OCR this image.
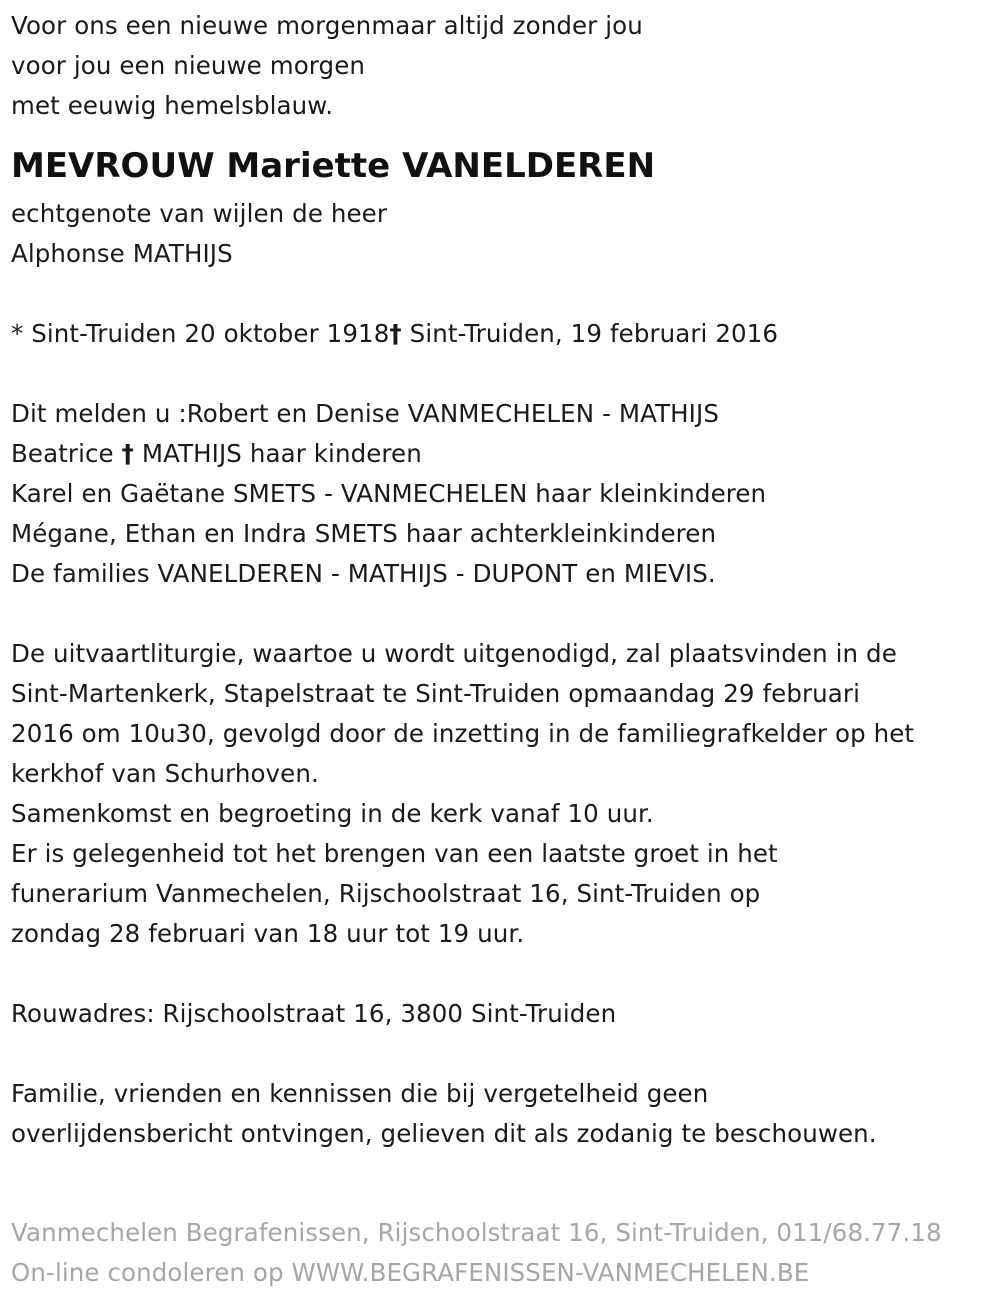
Voor ons een nieuwe morgenmaar altijd zonder jou
voor jou een nieuwe morgen
met eeuwig hemelsblauw.
MEVROUW Mariette VANELDEREN
echtgenote van wijlen de heer
Alphonse MATHIJS
* Sint-Truiden 20 oktober 1918† Sint-Truiden, 19 februari 2016
Dit melden u :Robert en Denise VANMECHELEN - MATHIJS
Beatrice † MATHIJS haar kinderen
Karel en Gaëtane SMETS - VANMECHELEN haar kleinkinderen
Mégane, Ethan en Indra SMETS haar achterkleinkinderen
De families VANELDEREN - MATHIJS - DUPONT en MIEVIS.
De uitvaartliturgie, waartoe u wordt uitgenodigd, zal plaatsvinden in de
Sint-Martenkerk, Stapelstraat te Sint-Truiden opmaandag 29 februari
2016 om 10u30, gevolgd door de inzetting in de familiegrafkelder op het
kerkhof van Schurhoven.
Samenkomst en begroeting in de kerk vanaf 10 uur.
Er is gelegenheid tot het brengen van een laatste groet in het
funerarium Vanmechelen, Rijschoolstraat 16, Sint-Truiden op
zondag 28 februari van 18 uur tot 19 uur.
Rouwadres: Rijschoolstraat 16, 3800 Sint-Truiden
Familie, vrienden en kennissen die bij vergetelheid geen
overlijdensbericht ontvingen, gelieven dit als zodanig te beschouwen.
Vanmechelen Begrafenissen, Rijschoolstraat 16, Sint-Truiden, 011/68.77.18
On-line condoleren op WWW.BEGRAFENISSEN-VANMECHELEN.BE
